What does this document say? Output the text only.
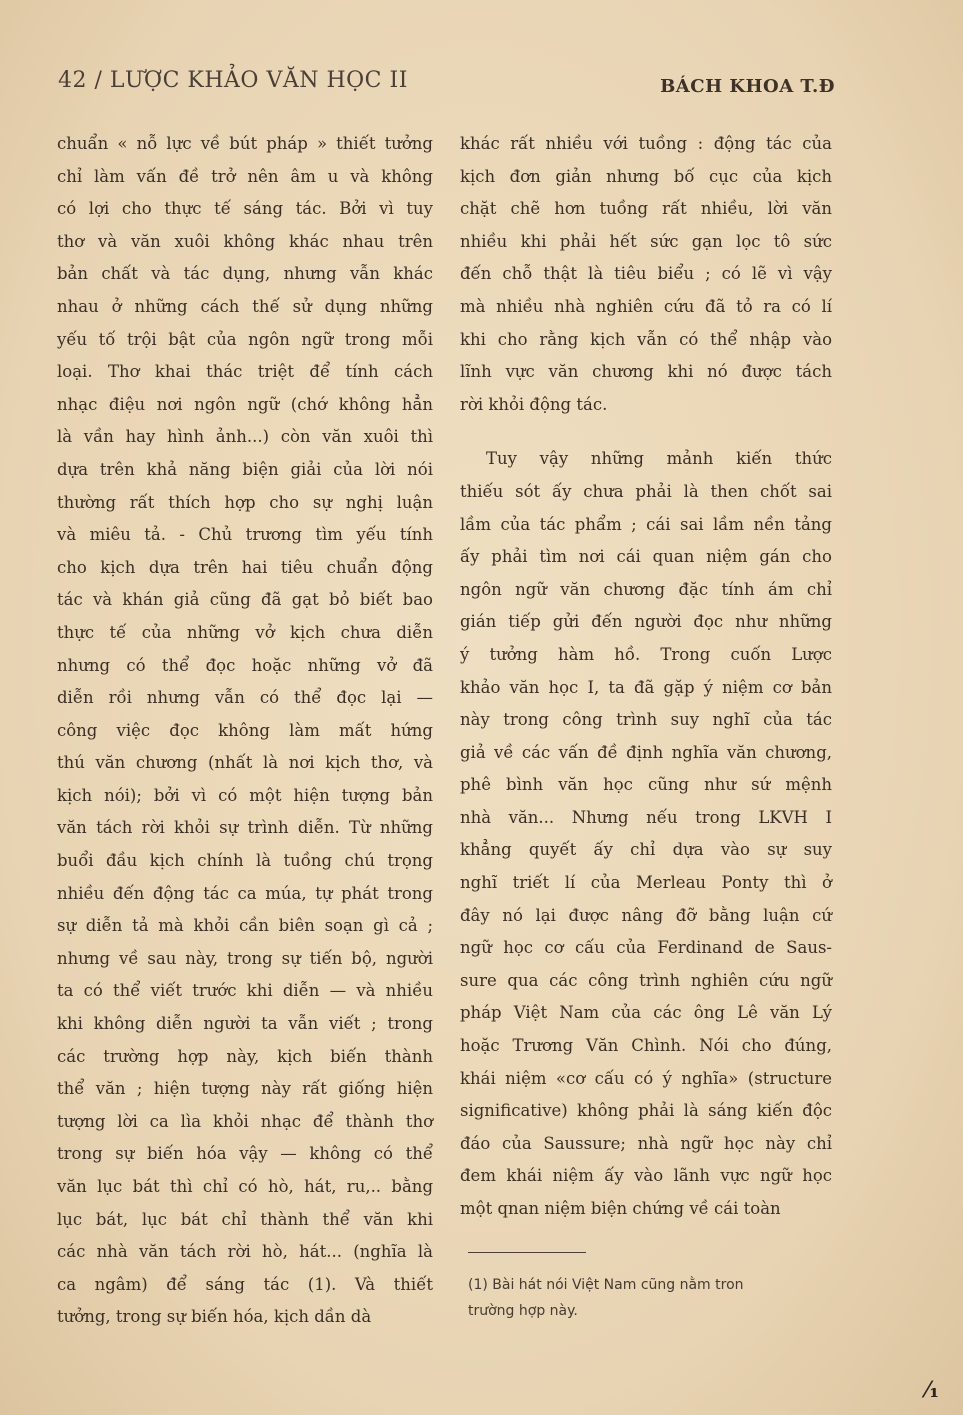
42 / LƯỢC KHẢO VĂN HỌC II	BÁCH KHOA T.Đ
chuẩn « nỗ lực về bút pháp » thiết tưởng
chỉ làm vấn đề trở nên âm u và không
có lợi cho thực tế sáng tác. Bởi vì tuy
thơ và văn xuôi không khác nhau trên
bản chất và tác dụng, nhưng vẫn khác
nhau ở những cách thế sử dụng những
yếu tố trội bật của ngôn ngữ trong mỗi
loại. Thơ khai thác triệt để tính cách
nhạc điệu nơi ngôn ngữ (chớ không hẳn
là vần hay hình ảnh...) còn văn xuôi thì
dựa trên khả năng biện giải của lời nói
thường rất thích hợp cho sự nghị luận
và miêu tả. - Chủ trương tìm yếu tính
cho kịch dựa trên hai tiêu chuẩn động
tác và khán giả cũng đã gạt bỏ biết bao
thực tế của những vở kịch chưa diễn
nhưng có thể đọc hoặc những vở đã
diễn rồi nhưng vẫn có thể đọc lại —
công việc đọc không làm mất hứng
thú văn chương (nhất là nơi kịch thơ, và
kịch nói); bởi vì có một hiện tượng bản
văn tách rời khỏi sự trình diễn. Từ những
buổi đầu kịch chính là tuồng chú trọng
nhiều đến động tác ca múa, tự phát trong
sự diễn tả mà khỏi cần biên soạn gì cả ;
nhưng về sau này, trong sự tiến bộ, người
ta có thể viết trước khi diễn — và nhiều
khi không diễn người ta vẫn viết ; trong
các trường hợp này, kịch biến thành
thể văn ; hiện tượng này rất giống hiện
tượng lời ca lìa khỏi nhạc để thành thơ
trong sự biến hóa vậy — không có thể
văn lục bát thì chỉ có hò, hát, ru,.. bằng
lục bát, lục bát chỉ thành thể văn khi
các nhà văn tách rời hò, hát... (nghĩa là
ca ngâm) để sáng tác (1). Và thiết
tưởng, trong sự biến hóa, kịch dần dà
khác rất nhiều với tuồng : động tác của
kịch đơn giản nhưng bố cục của kịch
chặt chẽ hơn tuồng rất nhiều, lời văn
nhiều khi phải hết sức gạn lọc tô sức
đến chỗ thật là tiêu biểu ; có lẽ vì vậy
mà nhiều nhà nghiên cứu đã tỏ ra có lí
khi cho rằng kịch vẫn có thể nhập vào
lĩnh vực văn chương khi nó được tách
rời khỏi động tác.
Tuy vậy những mảnh kiến thức
thiếu sót ấy chưa phải là then chốt sai
lầm của tác phẩm ; cái sai lầm nền tảng
ấy phải tìm nơi cái quan niệm gán cho
ngôn ngữ văn chương đặc tính ám chỉ
gián tiếp gửi đến người đọc như những
ý tưởng hàm hồ. Trong cuốn Lược
khảo văn học I, ta đã gặp ý niệm cơ bản
này trong công trình suy nghĩ của tác
giả về các vấn đề định nghĩa văn chương,
phê bình văn học cũng như sứ mệnh
nhà văn... Nhưng nếu trong LKVH I
khẳng quyết ấy chỉ dựa vào sự suy
nghĩ triết lí của Merleau Ponty thì ở
đây nó lại được nâng đỡ bằng luận cứ
ngữ học cơ cấu của Ferdinand de Saus-
sure qua các công trình nghiên cứu ngữ
pháp Việt Nam của các ông Lê văn Lý
hoặc Trương Văn Chình. Nói cho đúng,
khái niệm «cơ cấu có ý nghĩa» (structure
significative) không phải là sáng kiến độc
đáo của Saussure; nhà ngữ học này chỉ
đem khái niệm ấy vào lãnh vực ngữ học
một qnan niệm biện chứng về cái toàn
(1) Bài hát nói Việt Nam cũng nằm tron
trường hợp này.
⁄₁
